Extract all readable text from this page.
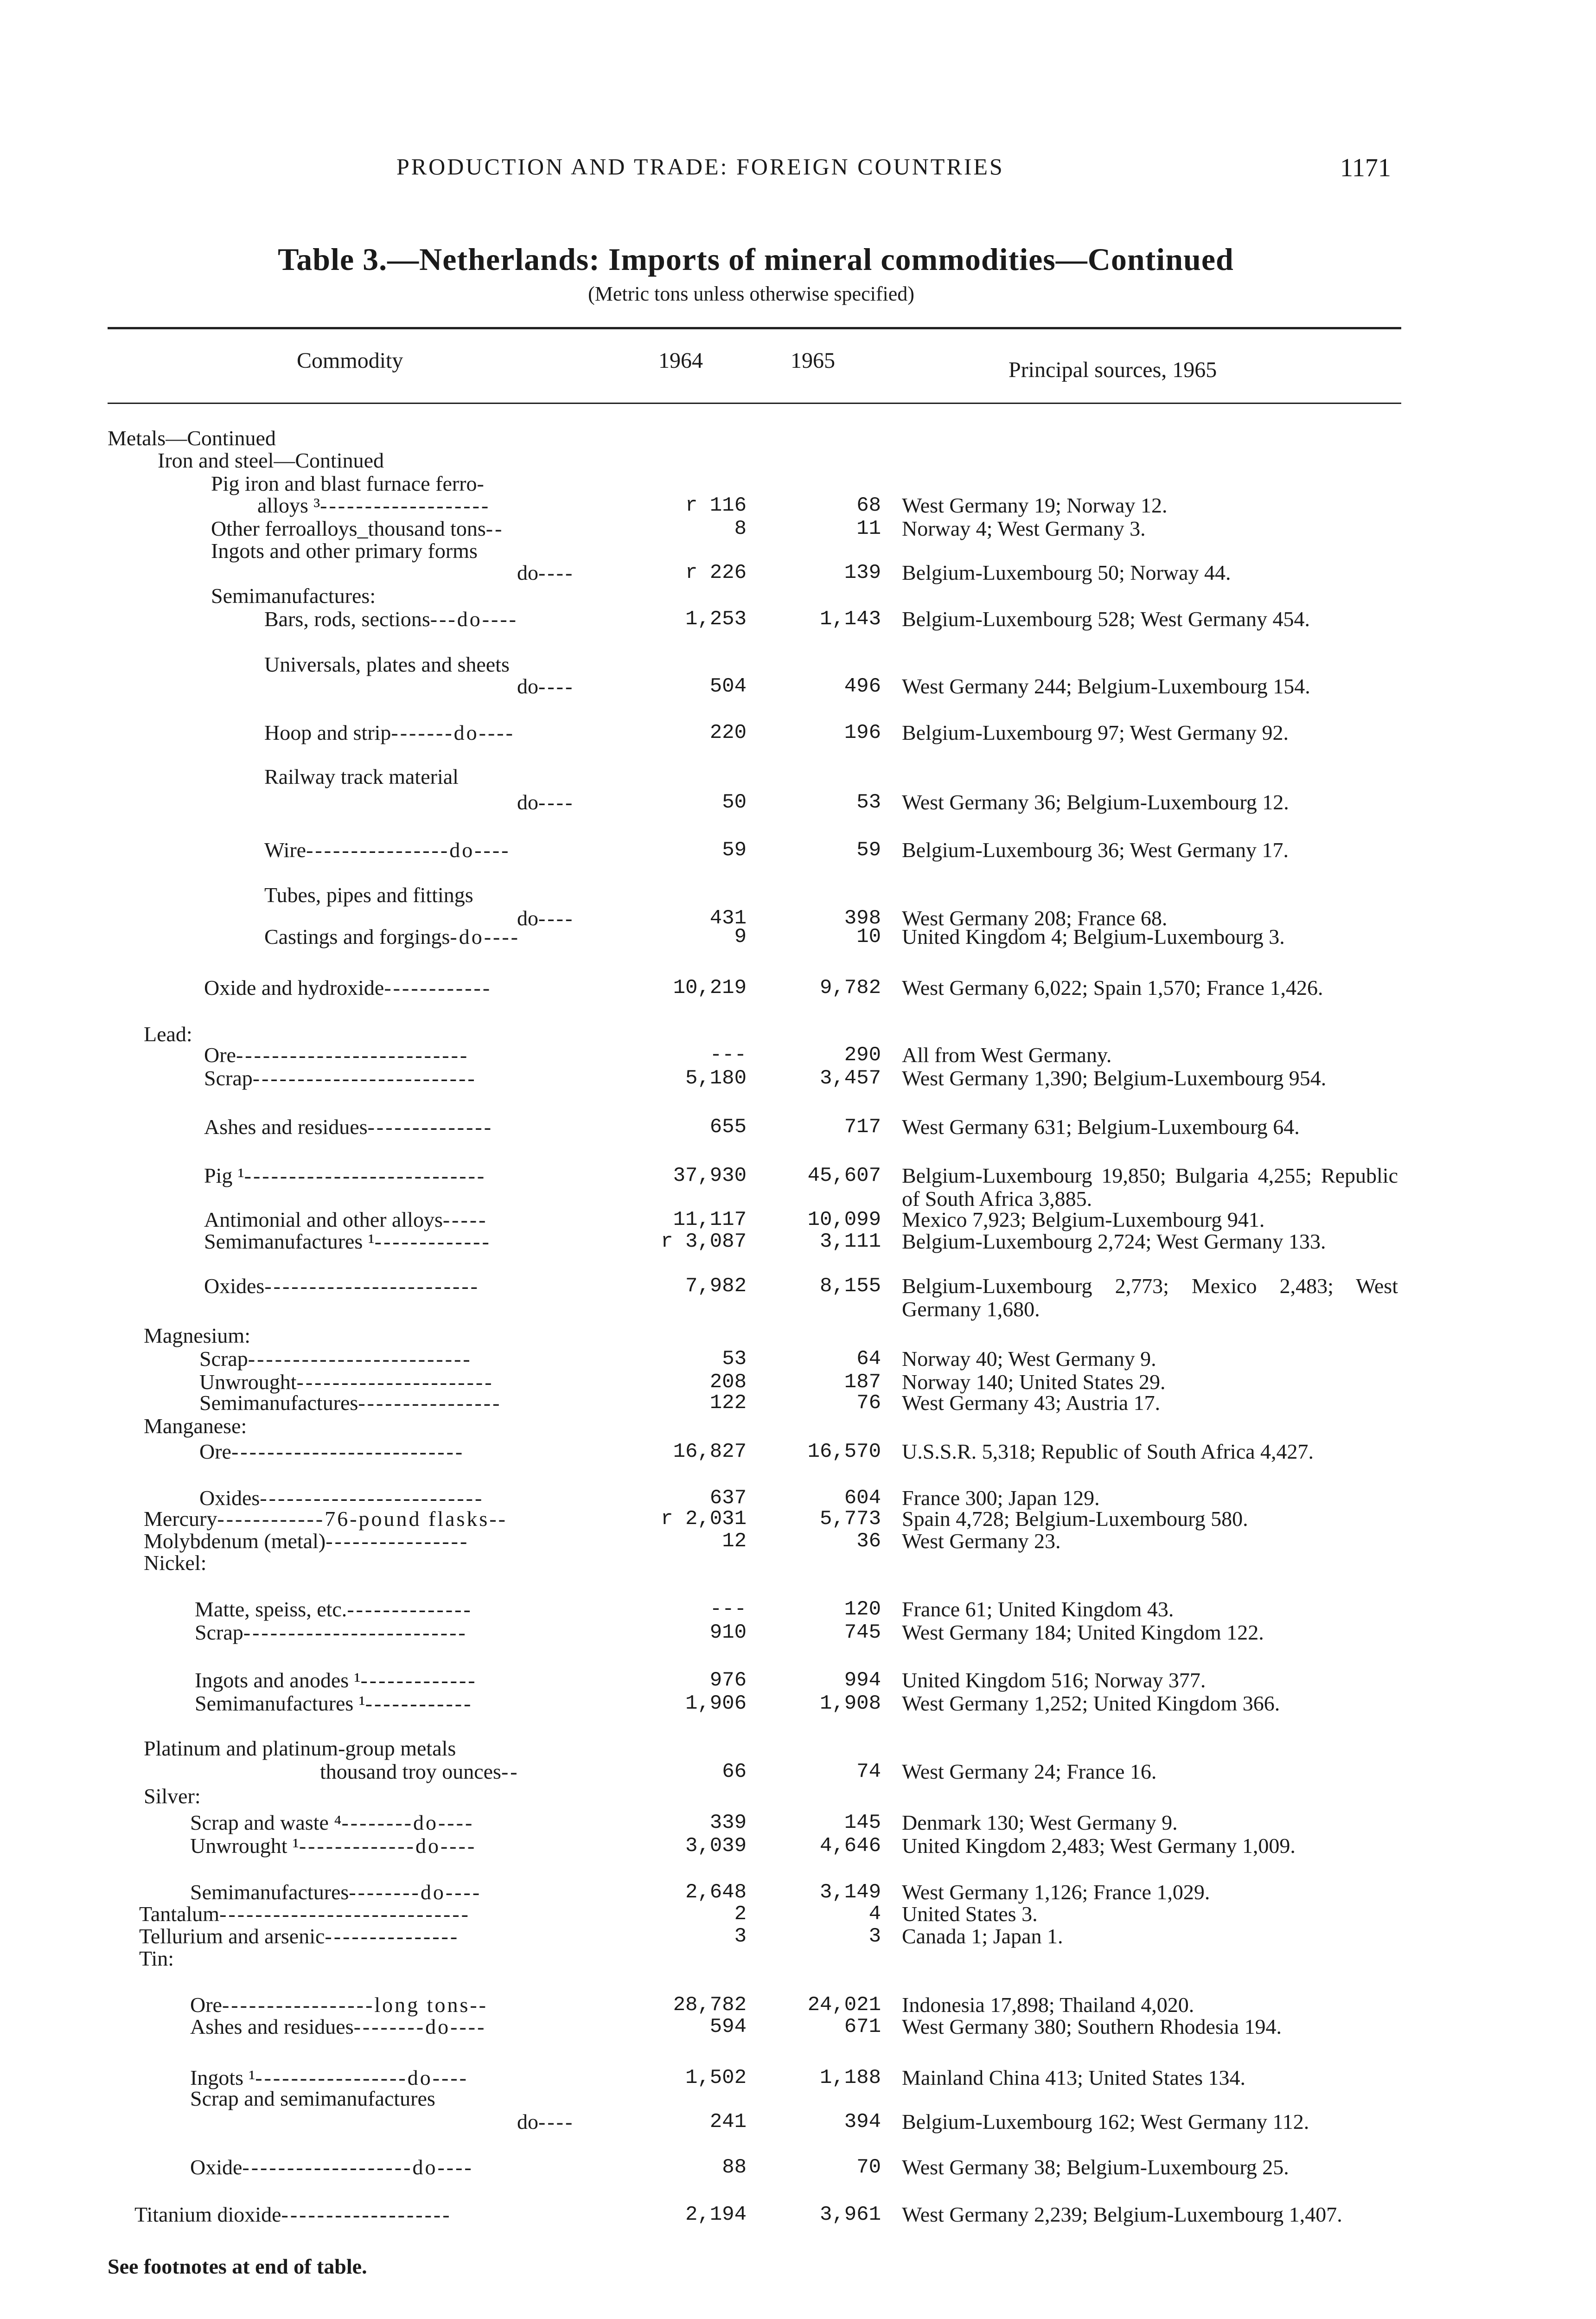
PRODUCTION AND TRADE: FOREIGN COUNTRIES	1171
Table 3.—Netherlands: Imports of mineral commodities—Continued
(Metric tons unless otherwise specified)
Commodity	1964	1965	Principal sources, 1965
Metals—Continued
Iron and steel—Continued
Pig iron and blast furnace ferro-
alloys ³ -------------------	r 116	68 West Germany 19; Norway 12.
Other ferroalloys_thousand tons --	8	11 Norway 4; West Germany 3.
Ingots and other primary forms
do ----	r 226	139 Belgium-Luxembourg 50; Norway 44.
Semimanufactures:
Bars, rods, sections ---do----	1,253	1,143 Belgium-Luxembourg 528; West Germany 454.
Universals, plates and sheets
do ----	504	496 West Germany 244; Belgium-Luxembourg 154.
Hoop and strip -------do----	220	196 Belgium-Luxembourg 97; West Germany 92.
Railway track material
do ----	50	53 West Germany 36; Belgium-Luxembourg 12.
Wire ----------------do----	59	59 Belgium-Luxembourg 36; West Germany 17.
Tubes, pipes and fittings
do ----	431	398 West Germany 208; France 68.
Castings and forgings -do----	9	10 United Kingdom 4; Belgium-Luxembourg 3.
Oxide and hydroxide ------------	10,219	9,782 West Germany 6,022; Spain 1,570; France 1,426.
Lead:
Ore --------------------------	---	290 All from West Germany.
Scrap -------------------------	5,180	3,457 West Germany 1,390; Belgium-Luxembourg 954.
Ashes and residues --------------	655	717 West Germany 631; Belgium-Luxembourg 64.
Pig ¹ ---------------------------	37,930	45,607 Belgium-Luxembourg 19,850; Bulgaria 4,255; Republic of South Africa 3,885.
Antimonial and other alloys -----	11,117	10,099 Mexico 7,923; Belgium-Luxembourg 941.
Semimanufactures ¹ -------------	r 3,087	3,111 Belgium-Luxembourg 2,724; West Germany 133.
Oxides ------------------------	7,982	8,155 Belgium-Luxembourg 2,773; Mexico 2,483; West Germany 1,680.
Magnesium:
Scrap -------------------------	53	64 Norway 40; West Germany 9.
Unwrought ----------------------	208	187 Norway 140; United States 29.
Semimanufactures ----------------	122	76 West Germany 43; Austria 17.
Manganese:
Ore --------------------------	16,827	16,570 U.S.S.R. 5,318; Republic of South Africa 4,427.
Oxides -------------------------	637	604 France 300; Japan 129.
Mercury ------------76-pound flasks--	r 2,031	5,773 Spain 4,728; Belgium-Luxembourg 580.
Molybdenum (metal) ----------------	12	36 West Germany 23.
Nickel:
Matte, speiss, etc. --------------	---	120 France 61; United Kingdom 43.
Scrap -------------------------	910	745 West Germany 184; United Kingdom 122.
Ingots and anodes ¹ -------------	976	994 United Kingdom 516; Norway 377.
Semimanufactures ¹ ------------	1,906	1,908 West Germany 1,252; United Kingdom 366.
Platinum and platinum-group metals
thousand troy ounces --	66	74 West Germany 24; France 16.
Silver:
Scrap and waste ⁴ --------do----	339	145 Denmark 130; West Germany 9.
Unwrought ¹ -------------do----	3,039	4,646 United Kingdom 2,483; West Germany 1,009.
Semimanufactures --------do----	2,648	3,149 West Germany 1,126; France 1,029.
Tantalum ----------------------------	2	4 United States 3.
Tellurium and arsenic ---------------	3	3 Canada 1; Japan 1.
Tin:
Ore -----------------long tons--	28,782	24,021 Indonesia 17,898; Thailand 4,020.
Ashes and residues --------do----	594	671 West Germany 380; Southern Rhodesia 194.
Ingots ¹ -----------------do----	1,502	1,188 Mainland China 413; United States 134.
Scrap and semimanufactures
do ----	241	394 Belgium-Luxembourg 162; West Germany 112.
Oxide -------------------do----	88	70 West Germany 38; Belgium-Luxembourg 25.
Titanium dioxide -------------------	2,194	3,961 West Germany 2,239; Belgium-Luxembourg 1,407.
See footnotes at end of table.
